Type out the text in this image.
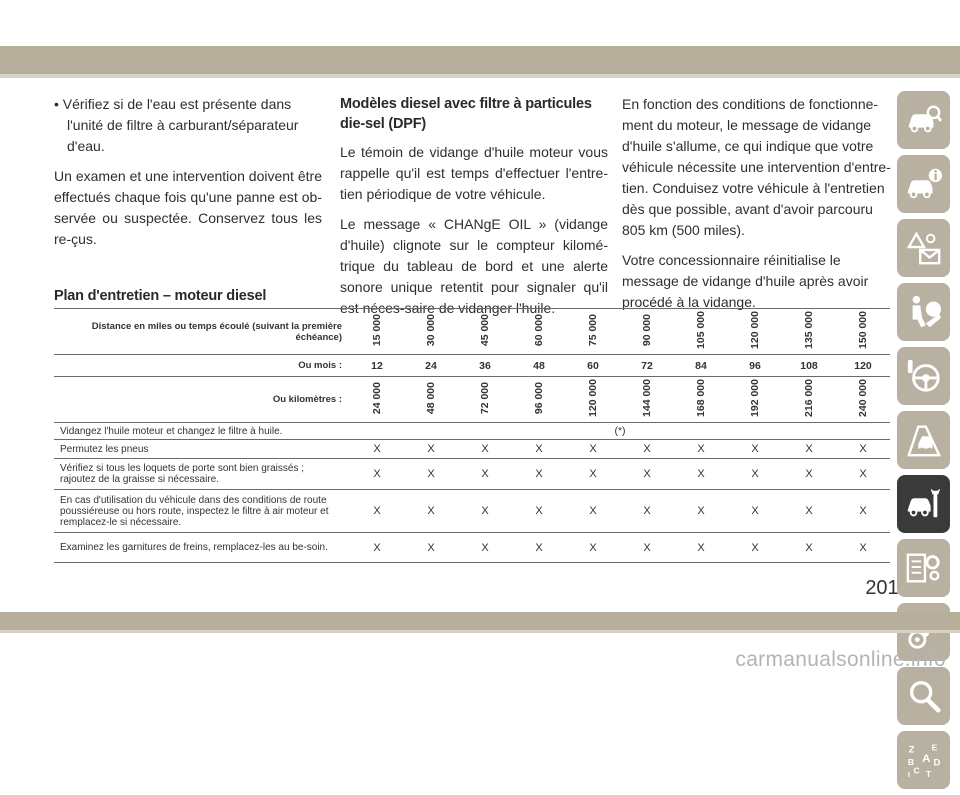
• Vérifiez si de l'eau est présente dans l'unité de filtre à carburant/séparateur d'eau.

Un examen et une intervention doivent être effectués chaque fois qu'une panne est ob-servée ou suspectée. Conservez tous les re-çus.

Modèles diesel avec filtre à particules die-sel (DPF)

Le témoin de vidange d'huile moteur vous rappelle qu'il est temps d'effectuer l'entre-tien périodique de votre véhicule.

Le message « CHANgE OIL » (vidange d'huile) clignote sur le compteur kilomé-trique du tableau de bord et une alerte sonore unique retentit pour signaler qu'il est néces-saire de vidanger l'huile.

En fonction des conditions de fonctionne-ment du moteur, le message de vidange d'huile s'allume, ce qui indique que votre véhicule nécessite une intervention d'entre-tien. Conduisez votre véhicule à l'entretien dès que possible, avant d'avoir parcouru 805 km (500 miles).

Votre concessionnaire réinitialise le message de vidange d'huile après avoir procédé à la vidange.

Plan d'entretien – moteur diesel
Distance en miles ou temps écoulé (suivant la première échéance)	15 000	30 000	45 000	60 000	75 000	90 000	105 000	120 000	135 000	150 000
Ou mois :	12	24	36	48	60	72	84	96	108	120
Ou kilomètres :	24 000	48 000	72 000	96 000	120 000	144 000	168 000	192 000	216 000	240 000
Vidangez l'huile moteur et changez le filtre à huile.	(*)									
Permutez les pneus	X	X	X	X	X	X	X	X	X	X
Vérifiez si tous les loquets de porte sont bien graissés ; rajoutez de la graisse si nécessaire.	X	X	X	X	X	X	X	X	X	X
En cas d'utilisation du véhicule dans des conditions de route poussiéreuse ou hors route, inspectez le filtre à air moteur et remplacez-le si nécessaire.	X	X	X	X	X	X	X	X	X	X
Examinez les garnitures de freins, remplacez-les au be-soin.	X	X	X	X	X	X	X	X	X	X
Z E
B A D
C
I T
201
carmanualsonline.info
